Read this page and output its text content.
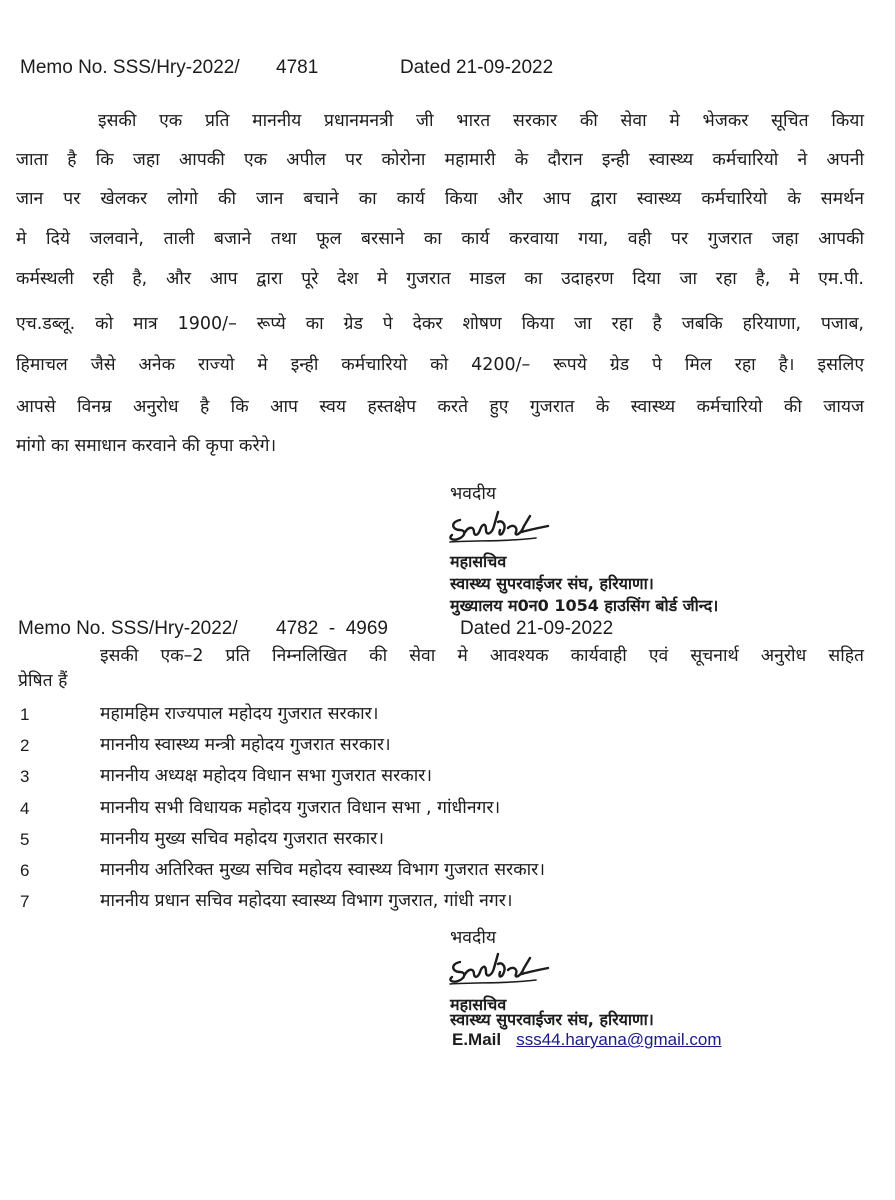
Memo No. SSS/Hry-2022/ 4781	Dated 21-09-2022
इसकी एक प्रति माननीय प्रधानमनत्री जी भारत सरकार की सेवा मे भेजकर सूचित किया
जाता है कि जहा आपकी एक अपील पर कोरोना महामारी के दौरान इन्ही स्वास्थ्य कर्मचारियो ने अपनी
जान पर खेलकर लोगो की जान बचाने का कार्य किया और आप द्वारा स्वास्थ्य कर्मचारियो के समर्थन
मे दिये जलवाने, ताली बजाने तथा फूल बरसाने का कार्य करवाया गया, वही पर गुजरात जहा आपकी
कर्मस्थली रही है, और आप द्वारा पूरे देश मे गुजरात माडल का उदाहरण दिया जा रहा है, मे एम.पी.
एच.डब्लू. को मात्र 1900/– रूप्ये का ग्रेड पे देकर शोषण किया जा रहा है जबकि हरियाणा, पजाब,
हिमाचल जैसे अनेक राज्यो मे इन्ही कर्मचारियो को 4200/– रूपये ग्रेड पे मिल रहा है। इसलिए
आपसे विनम्र अनुरोध है कि आप स्वय हस्तक्षेप करते हुए गुजरात के स्वास्थ्य कर्मचारियो की जायज
मांगो का समाधान करवाने की कृपा करेगे।
भवदीय
महासचिव
स्वास्थ्य सुपरवाईजर संघ, हरियाणा।
मुख्यालय म0न0 1054 हाउसिंग बोर्ड जीन्द।
Memo No. SSS/Hry-2022/ 4782  -  4969	Dated 21-09-2022
इसकी एक–2 प्रति निम्नलिखित की सेवा मे आवश्यक कार्यवाही एवं सूचनार्थ अनुरोध सहित
प्रेषित हैं
1	महामहिम राज्यपाल महोदय गुजरात सरकार।
2	माननीय स्वास्थ्य मन्त्री महोदय गुजरात सरकार।
3	माननीय अध्यक्ष महोदय विधान सभा गुजरात सरकार।
4	माननीय सभी विधायक महोदय गुजरात विधान सभा , गांधीनगर।
5	माननीय मुख्य सचिव महोदय गुजरात सरकार।
6	माननीय अतिरिक्त मुख्य सचिव महोदय स्वास्थ्य विभाग गुजरात सरकार।
7	माननीय प्रधान सचिव महोदया स्वास्थ्य विभाग गुजरात, गांधी नगर।
भवदीय
महासचिव
स्वास्थ्य सुपरवाईजर संघ, हरियाणा।
E.Mail sss44.haryana@gmail.com
